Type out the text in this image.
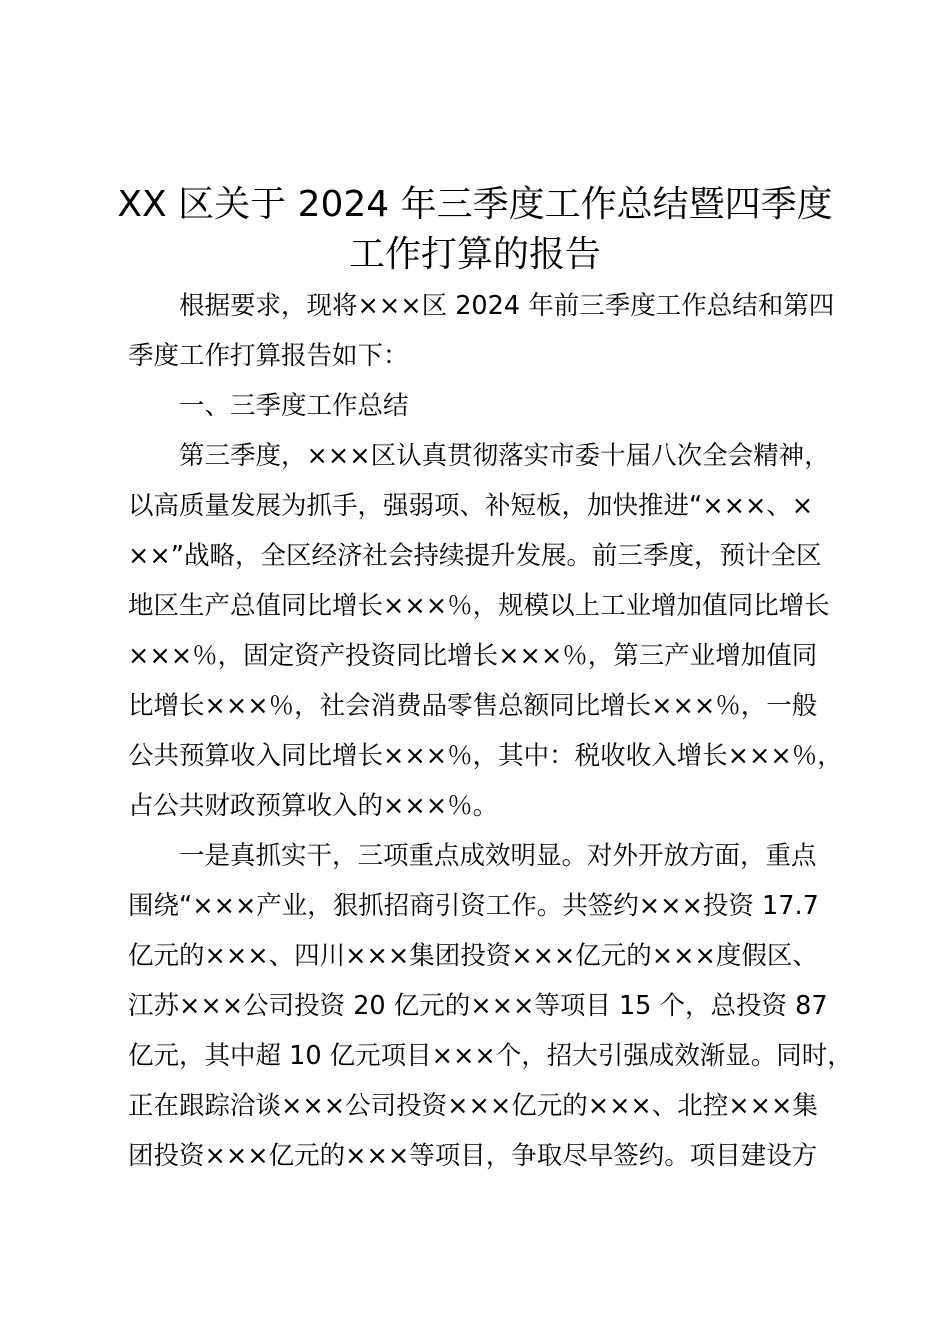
XX 区关于 2024 年三季度工作总结暨四季度
工作打算的报告
根据要求，现将×××区 2024 年前三季度工作总结和第四
季度工作打算报告如下：
一、三季度工作总结
第三季度，×××区认真贯彻落实市委十届八次全会精神，
以高质量发展为抓手，强弱项、补短板，加快推进“×××、×
××”战略，全区经济社会持续提升发展。前三季度，预计全区
地区生产总值同比增长×××％，规模以上工业增加值同比增长
×××％，固定资产投资同比增长×××％，第三产业增加值同
比增长×××％，社会消费品零售总额同比增长×××％，一般
公共预算收入同比增长×××％，其中：税收收入增长×××％，
占公共财政预算收入的×××％。
一是真抓实干，三项重点成效明显。对外开放方面，重点
围绕“×××产业，狠抓招商引资工作。共签约×××投资 17.7
亿元的×××、四川×××集团投资×××亿元的×××度假区、
江苏×××公司投资 20 亿元的×××等项目 15 个，总投资 87
亿元，其中超 10 亿元项目×××个，招大引强成效渐显。同时，
正在跟踪洽谈×××公司投资×××亿元的×××、北控×××集
团投资×××亿元的×××等项目，争取尽早签约。项目建设方
